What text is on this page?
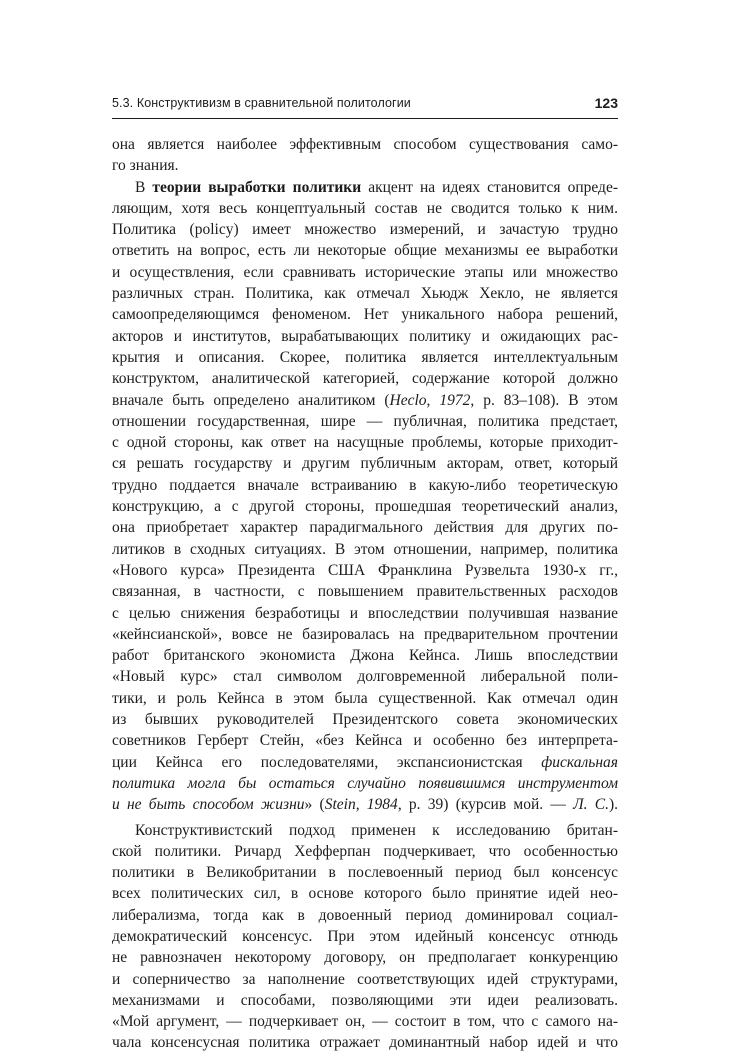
5.3. Конструктивизм в сравнительной политологии	123
она является наиболее эффективным способом существования само-
го знания.
В теории выработки политики акцент на идеях становится опреде-
ляющим, хотя весь концептуальный состав не сводится только к ним.
Политика (policy) имеет множество измерений, и зачастую трудно
ответить на вопрос, есть ли некоторые общие механизмы ее выработки
и осуществления, если сравнивать исторические этапы или множество
различных стран. Политика, как отмечал Хьюдж Хекло, не является
самоопределяющимся феноменом. Нет уникального набора решений,
акторов и институтов, вырабатывающих политику и ожидающих рас-
крытия и описания. Скорее, политика является интеллектуальным
конструктом, аналитической категорией, содержание которой должно
вначале быть определено аналитиком (Heclo, 1972, p. 83–108). В этом
отношении государственная, шире — публичная, политика предстает,
с одной стороны, как ответ на насущные проблемы, которые приходит-
ся решать государству и другим публичным акторам, ответ, который
трудно поддается вначале встраиванию в какую-либо теоретическую
конструкцию, а с другой стороны, прошедшая теоретический анализ,
она приобретает характер парадигмального действия для других по-
литиков в сходных ситуациях. В этом отношении, например, политика
«Нового курса» Президента США Франклина Рузвельта 1930-х гг.,
связанная, в частности, с повышением правительственных расходов
с целью снижения безработицы и впоследствии получившая название
«кейнсианской», вовсе не базировалась на предварительном прочтении
работ британского экономиста Джона Кейнса. Лишь впоследствии
«Новый курс» стал символом долговременной либеральной поли-
тики, и роль Кейнса в этом была существенной. Как отмечал один
из бывших руководителей Президентского совета экономических
советников Герберт Стейн, «без Кейнса и особенно без интерпрета-
ции Кейнса его последователями, экспансионистская фискальная
политика могла бы остаться случайно появившимся инструментом
и не быть способом жизни» (Stein, 1984, p. 39) (курсив мой. — Л. С.).
Конструктивистский подход применен к исследованию британ-
ской политики. Ричард Хефферпан подчеркивает, что особенностью
политики в Великобритании в послевоенный период был консенсус
всех политических сил, в основе которого было принятие идей нео-
либерализма, тогда как в довоенный период доминировал социал-
демократический консенсус. При этом идейный консенсус отнюдь
не равнозначен некоторому договору, он предполагает конкуренцию
и соперничество за наполнение соответствующих идей структурами,
механизмами и способами, позволяющими эти идеи реализовать.
«Мой аргумент, — подчеркивает он, — состоит в том, что с самого на-
чала консенсусная политика отражает доминантный набор идей и что
